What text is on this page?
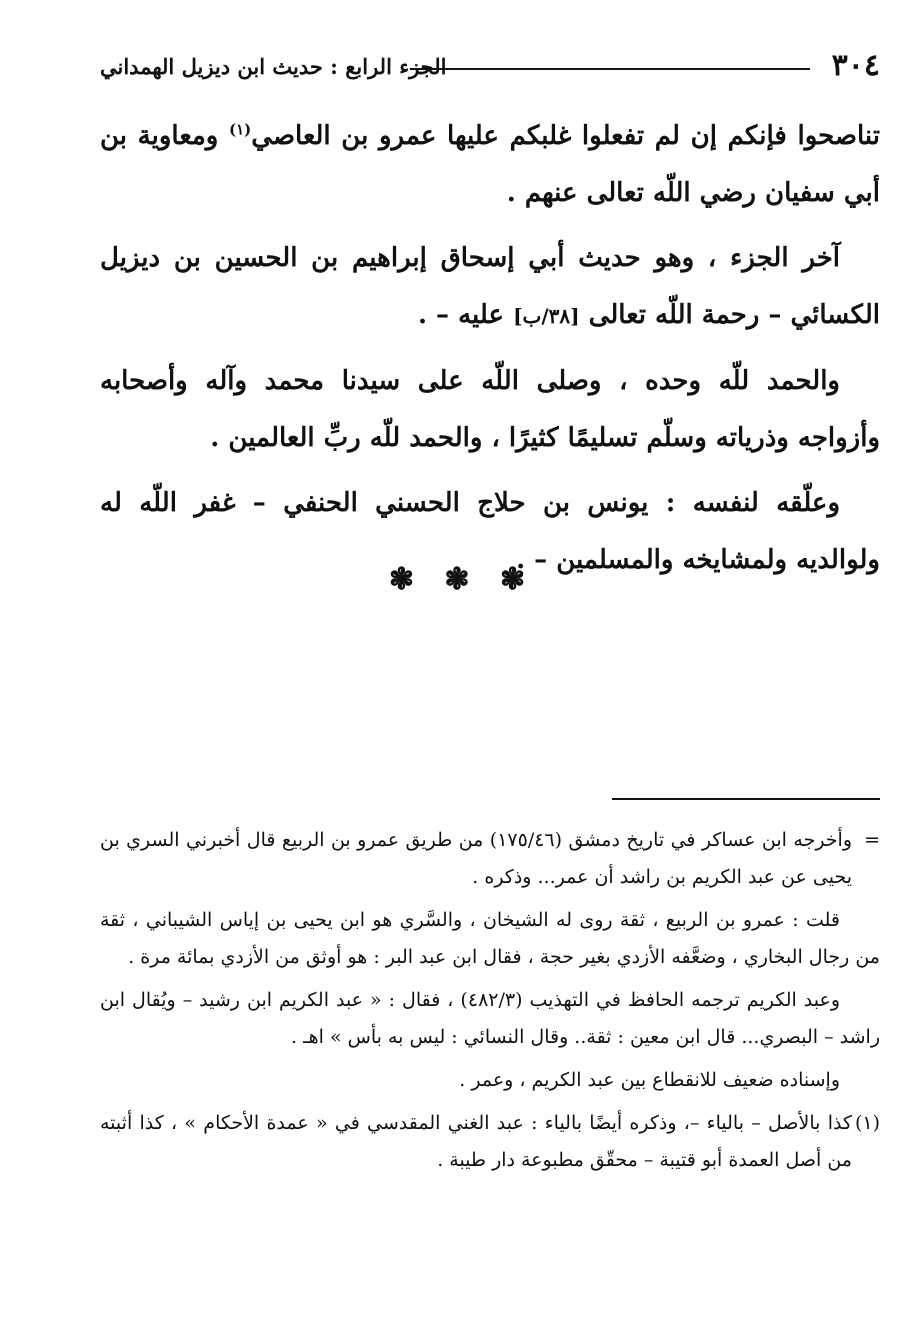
٣٠٤
الجزء الرابع : حديث ابن ديزيل الهمداني

تناصحوا فإنكم إن لم تفعلوا غلبكم عليها عمرو بن العاصي$^{(١)}$ ومعاوية بن أبي سفيان رضي اللّه تعالى عنهم .

آخر الجزء ، وهو حديث أبي إسحاق إبراهيم بن الحسين بن ديزيل الكسائي – رحمة اللّه تعالى [٣٨/ب] عليه – .

والحمد للّه وحده ، وصلى اللّه على سيدنا محمد وآله وأصحابه وأزواجه وذرياته وسلّم تسليمًا كثيرًا ، والحمد للّه ربِّ العالمين .

وعلّقه لنفسه : يونس بن حلاج الحسني الحنفي – غفر اللّه له ولوالديه ولمشايخه والمسلمين – .

❃ ❃ ❃

=
وأخرجه ابن عساكر في تاريخ دمشق (١٧٥/٤٦) من طريق عمرو بن الربيع قال أخبرني السري بن يحيى عن عبد الكريم بن راشد أن عمر... وذكره .

قلت : عمرو بن الربيع ، ثقة روى له الشيخان ، والسَّري هو ابن يحيى بن إياس الشيباني ، ثقة من رجال البخاري ، وضعَّفه الأزدي بغير حجة ، فقال ابن عبد البر : هو أوثق من الأزدي بمائة مرة .

وعبد الكريم ترجمه الحافظ في التهذيب (٤٨٢/٣) ، فقال : « عبد الكريم ابن رشيد – ويُقال ابن راشد – البصري... قال ابن معين : ثقة.. وقال النسائي : ليس به بأس » اهـ .

وإسناده ضعيف للانقطاع بين عبد الكريم ، وعمر .

(١)
كذا بالأصل – بالياء –، وذكره أيضًا بالياء : عبد الغني المقدسي في « عمدة الأحكام » ، كذا أثبته من أصل العمدة أبو قتيبة – محقّق مطبوعة دار طيبة .
